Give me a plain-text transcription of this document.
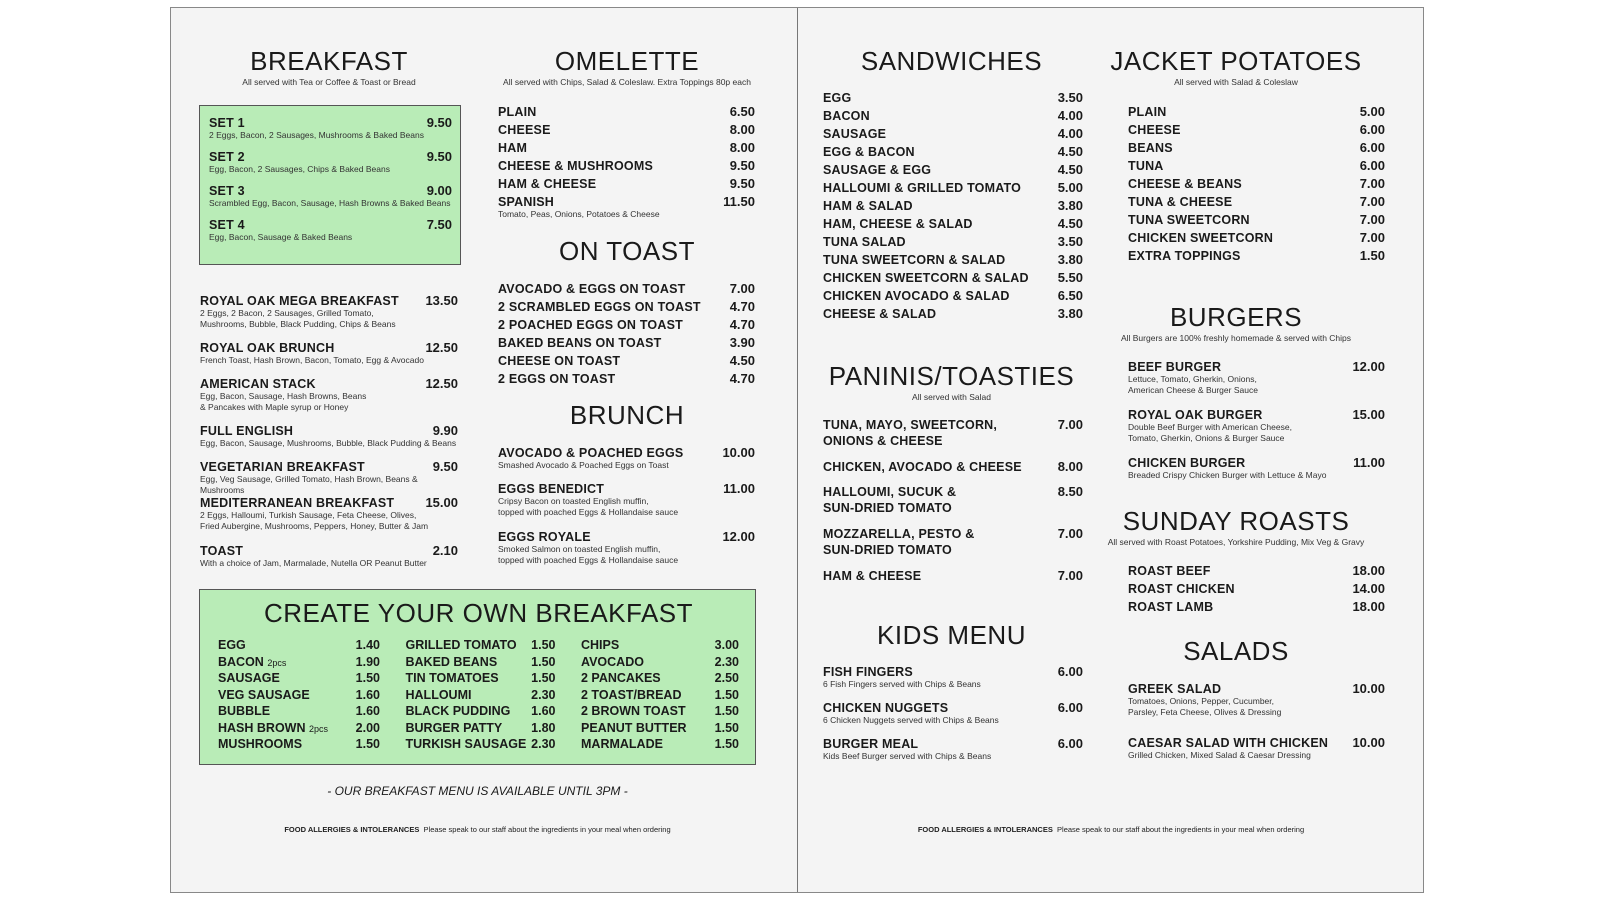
BREAKFAST
All served with Tea or Coffee & Toast or Bread
SET 1	9.50
2 Eggs, Bacon, 2 Sausages, Mushrooms & Baked Beans
SET 2	9.50
Egg, Bacon, 2 Sausages, Chips & Baked Beans
SET 3	9.00
Scrambled Egg, Bacon, Sausage, Hash Browns & Baked Beans
SET 4	7.50
Egg, Bacon, Sausage & Baked Beans
ROYAL OAK MEGA BREAKFAST 13.50
2 Eggs, 2 Bacon, 2 Sausages, Grilled Tomato,
Mushrooms, Bubble, Black Pudding, Chips & Beans
ROYAL OAK BRUNCH	12.50
French Toast, Hash Brown, Bacon, Tomato, Egg & Avocado
AMERICAN STACK	12.50
Egg, Bacon, Sausage, Hash Browns, Beans
& Pancakes with Maple syrup or Honey
FULL ENGLISH	9.90
Egg, Bacon, Sausage, Mushrooms, Bubble, Black Pudding & Beans
VEGETARIAN BREAKFAST	9.50
Egg, Veg Sausage, Grilled Tomato, Hash Brown, Beans & Mushrooms
MEDITERRANEAN BREAKFAST 15.00
2 Eggs, Halloumi, Turkish Sausage, Feta Cheese, Olives,
Fried Aubergine, Mushrooms, Peppers, Honey, Butter & Jam
TOAST	2.10
With a choice of Jam, Marmalade, Nutella OR Peanut Butter
OMELETTE
All served with Chips, Salad & Coleslaw. Extra Toppings 80p each
PLAIN	6.50
CHEESE	8.00
HAM	8.00
CHEESE & MUSHROOMS	9.50
HAM & CHEESE	9.50
SPANISH	11.50
Tomato, Peas, Onions, Potatoes & Cheese
ON TOAST
AVOCADO & EGGS ON TOAST	7.00
2 SCRAMBLED EGGS ON TOAST 4.70
2 POACHED EGGS ON TOAST	4.70
BAKED BEANS ON TOAST	3.90
CHEESE ON TOAST	4.50
2 EGGS ON TOAST	4.70
BRUNCH
AVOCADO & POACHED EGGS	10.00
Smashed Avocado & Poached Eggs on Toast
EGGS BENEDICT	11.00
Cripsy Bacon on toasted English muffin,
topped with poached Eggs & Hollandaise sauce
EGGS ROYALE	12.00
Smoked Salmon on toasted English muffin,
topped with poached Eggs & Hollandaise sauce
CREATE YOUR OWN BREAKFAST
EGG	1.40
BACON 2pcs	1.90
SAUSAGE	1.50
VEG SAUSAGE	1.60
BUBBLE	1.60
HASH BROWN 2pcs 2.00
MUSHROOMS	1.50
GRILLED TOMATO 1.50
BAKED BEANS	1.50
TIN TOMATOES	1.50
HALLOUMI	2.30
BLACK PUDDING 1.60
BURGER PATTY 1.80
TURKISH SAUSAGE 2.30
CHIPS	3.00
AVOCADO	2.30
2 PANCAKES	2.50
2 TOAST/BREAD	1.50
2 BROWN TOAST 1.50
PEANUT BUTTER 1.50
MARMALADE	1.50
- OUR BREAKFAST MENU IS AVAILABLE UNTIL 3PM -
FOOD ALLERGIES & INTOLERANCES Please speak to our staff about the ingredients in your meal when ordering
SANDWICHES
EGG	3.50
BACON	4.00
SAUSAGE	4.00
EGG & BACON	4.50
SAUSAGE & EGG	4.50
HALLOUMI & GRILLED TOMATO	5.00
HAM & SALAD	3.80
HAM, CHEESE & SALAD	4.50
TUNA SALAD	3.50
TUNA SWEETCORN & SALAD	3.80
CHICKEN SWEETCORN & SALAD 5.50
CHICKEN AVOCADO & SALAD	6.50
CHEESE & SALAD	3.80
PANINIS/TOASTIES
All served with Salad
TUNA, MAYO, SWEETCORN,
ONIONS & CHEESE
7.00
CHICKEN, AVOCADO & CHEESE	8.00
HALLOUMI, SUCUK &
SUN-DRIED TOMATO
8.50
MOZZARELLA, PESTO &
SUN-DRIED TOMATO
7.00
HAM & CHEESE	7.00
KIDS MENU
FISH FINGERS	6.00
6 Fish Fingers served with Chips & Beans
CHICKEN NUGGETS	6.00
6 Chicken Nuggets served with Chips & Beans
BURGER MEAL	6.00
Kids Beef Burger served with Chips & Beans
JACKET POTATOES
All served with Salad & Coleslaw
PLAIN	5.00
CHEESE	6.00
BEANS	6.00
TUNA	6.00
CHEESE & BEANS	7.00
TUNA & CHEESE	7.00
TUNA SWEETCORN	7.00
CHICKEN SWEETCORN	7.00
EXTRA TOPPINGS	1.50
BURGERS
All Burgers are 100% freshly homemade & served with Chips
BEEF BURGER	12.00
Lettuce, Tomato, Gherkin, Onions,
American Cheese & Burger Sauce
ROYAL OAK BURGER	15.00
Double Beef Burger with American Cheese,
Tomato, Gherkin, Onions & Burger Sauce
CHICKEN BURGER	11.00
Breaded Crispy Chicken Burger with Lettuce & Mayo
SUNDAY ROASTS
All served with Roast Potatoes, Yorkshire Pudding, Mix Veg & Gravy
ROAST BEEF	18.00
ROAST CHICKEN	14.00
ROAST LAMB	18.00
SALADS
GREEK SALAD	10.00
Tomatoes, Onions, Pepper, Cucumber,
Parsley, Feta Cheese, Olives & Dressing
CAESAR SALAD WITH CHICKEN 10.00
Grilled Chicken, Mixed Salad & Caesar Dressing
FOOD ALLERGIES & INTOLERANCES Please speak to our staff about the ingredients in your meal when ordering
